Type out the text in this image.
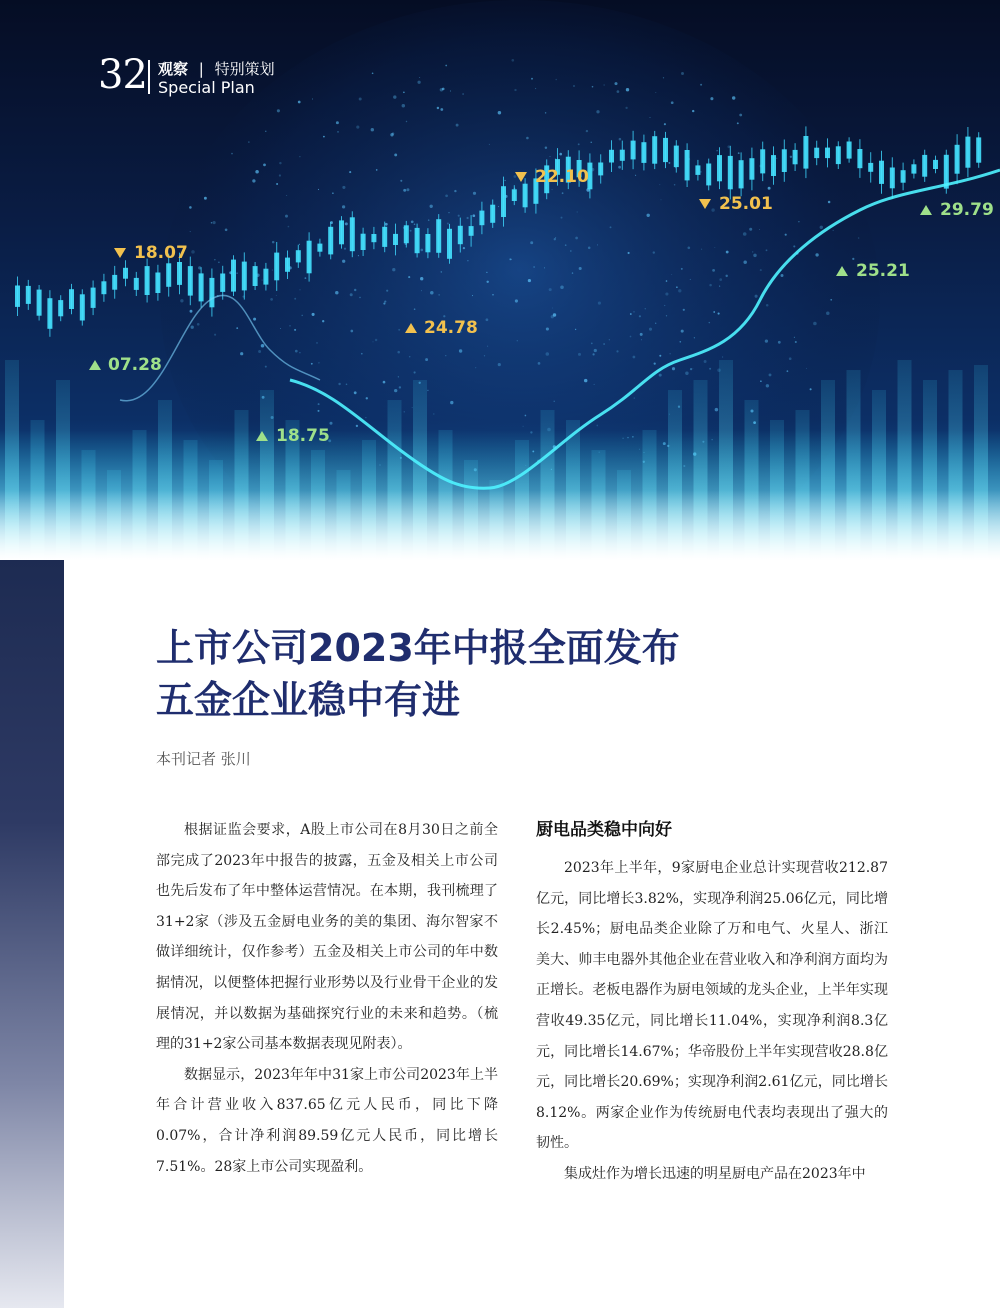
07.28
18.07
18.75
24.78
22.10
25.01
25.21
29.79
32 观察 | 特别策划
Special Plan
上市公司2023年中报全面发布
五金企业稳中有进
本刊记者 张川

根据证监会要求，A股上市公司在8月30日之前全部完成了2023年中报告的披露，五金及相关上市公司也先后发布了年中整体运营情况。在本期，我刊梳理了31+2家（涉及五金厨电业务的美的集团、海尔智家不做详细统计，仅作参考）五金及相关上市公司的年中数据情况，以便整体把握行业形势以及行业骨干企业的发展情况，并以数据为基础探究行业的未来和趋势。（梳理的31+2家公司基本数据表现见附表）。

数据显示，2023年年中31家上市公司2023年上半年合计营业收入837.65亿元人民币，同比下降0.07%，合计净利润89.59亿元人民币，同比增长7.51%。28家上市公司实现盈利。

厨电品类稳中向好

2023年上半年，9家厨电企业总计实现营收212.87亿元，同比增长3.82%，实现净利润25.06亿元，同比增长2.45%；厨电品类企业除了万和电气、火星人、浙江美大、帅丰电器外其他企业在营业收入和净利润方面均为正增长。老板电器作为厨电领域的龙头企业，上半年实现营收49.35亿元，同比增长11.04%，实现净利润8.3亿元，同比增长14.67%；华帝股份上半年实现营收28.8亿元，同比增长20.69%；实现净利润2.61亿元，同比增长8.12%。两家企业作为传统厨电代表均表现出了强大的韧性。

集成灶作为增长迅速的明星厨电产品在2023年中
